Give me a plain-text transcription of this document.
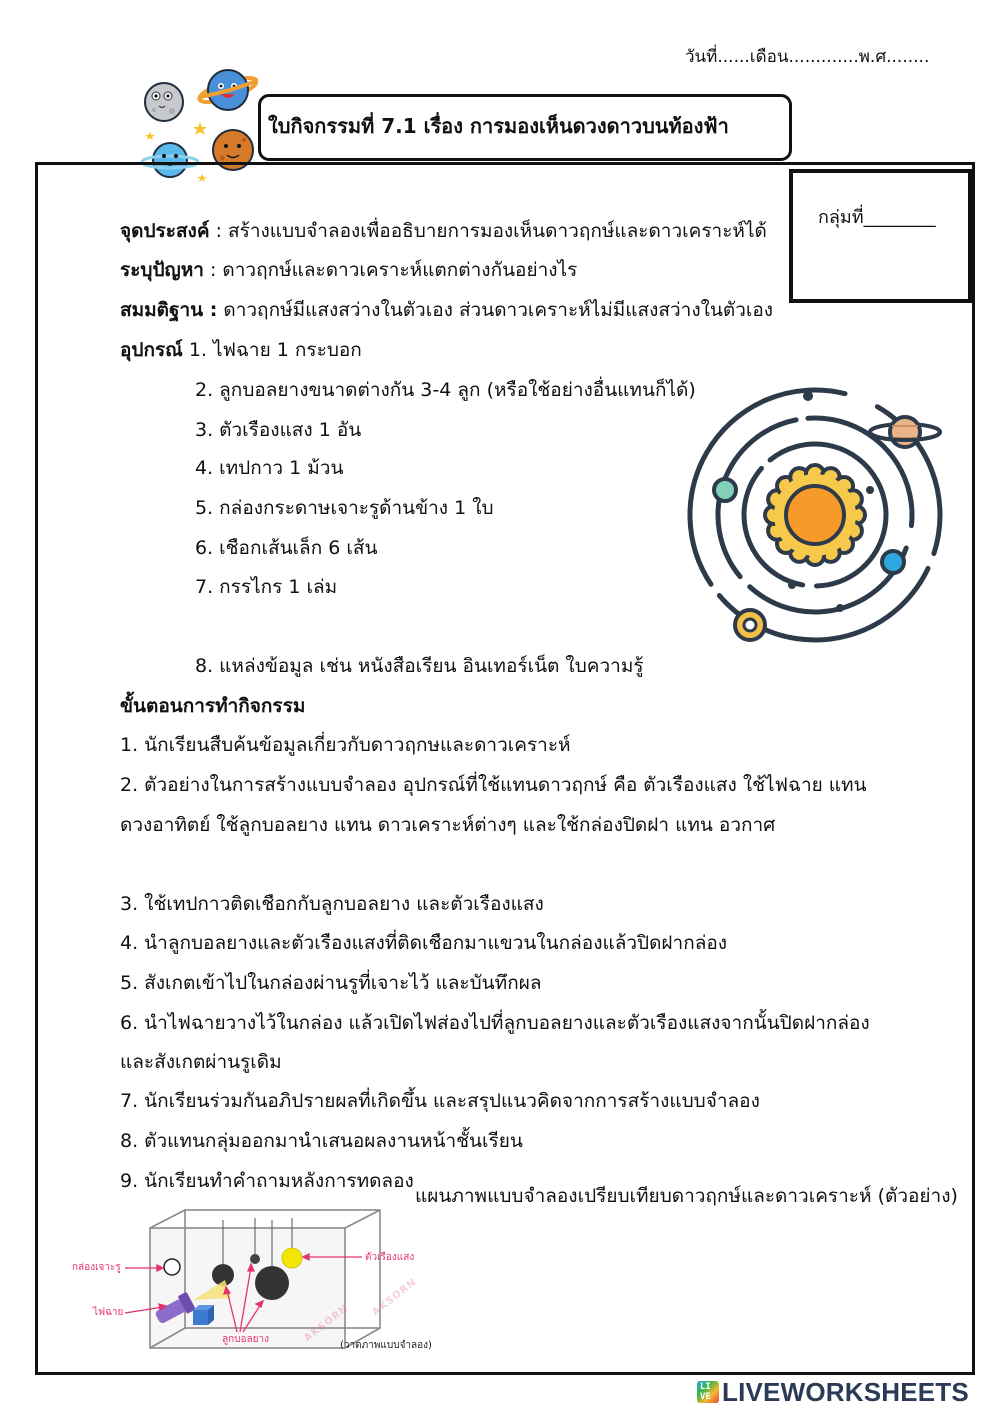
วันที่......เดือน.............พ.ศ........
ใบกิจกรรมที่ 7.1 เรื่อง การมองเห็นดวงดาวบนท้องฟ้า
กลุ่มที่________
จุดประสงค์ : สร้างแบบจำลองเพื่ออธิบายการมองเห็นดาวฤกษ์และดาวเคราะห์ได้
ระบุปัญหา : ดาวฤกษ์และดาวเคราะห์แตกต่างกันอย่างไร
สมมติฐาน : ดาวฤกษ์มีแสงสว่างในตัวเอง ส่วนดาวเคราะห์ไม่มีแสงสว่างในตัวเอง
อุปกรณ์ 1. ไฟฉาย 1 กระบอก
2. ลูกบอลยางขนาดต่างกัน 3-4 ลูก (หรือใช้อย่างอื่นแทนก็ได้)
3. ตัวเรืองแสง 1 อัน
4. เทปกาว 1 ม้วน
5. กล่องกระดาษเจาะรูด้านข้าง 1 ใบ
6. เชือกเส้นเล็ก 6 เส้น
7. กรรไกร 1 เล่ม
8. แหล่งข้อมูล เช่น หนังสือเรียน อินเทอร์เน็ต ใบความรู้
ขั้นตอนการทำกิจกรรม
1. นักเรียนสืบค้นข้อมูลเกี่ยวกับดาวฤกษและดาวเคราะห์
2. ตัวอย่างในการสร้างแบบจำลอง อุปกรณ์ที่ใช้แทนดาวฤกษ์ คือ ตัวเรืองแสง ใช้ไฟฉาย แทน
ดวงอาทิตย์ ใช้ลูกบอลยาง แทน ดาวเคราะห์ต่างๆ และใช้กล่องปิดฝา แทน อวกาศ
3. ใช้เทปกาวติดเชือกกับลูกบอลยาง และตัวเรืองแสง
4. นำลูกบอลยางและตัวเรืองแสงที่ติดเชือกมาแขวนในกล่องแล้วปิดฝากล่อง
5. สังเกตเข้าไปในกล่องผ่านรูที่เจาะไว้ และบันทึกผล
6. นำไฟฉายวางไว้ในกล่อง แล้วเปิดไฟส่องไปที่ลูกบอลยางและตัวเรืองแสงจากนั้นปิดฝากล่อง
และสังเกตผ่านรูเดิม
7. นักเรียนร่วมกันอภิปรายผลที่เกิดขึ้น และสรุปแนวคิดจากการสร้างแบบจำลอง
8. ตัวแทนกลุ่มออกมานำเสนอผลงานหน้าชั้นเรียน
9. นักเรียนทำคำถามหลังการทดลอง
แผนภาพแบบจำลองเปรียบเทียบดาวฤกษ์และดาวเคราะห์ (ตัวอย่าง)
กล่องเจาะรู
ไฟฉาย
ลูกบอลยาง
ตัวเรืองแสง
(วาดภาพแบบจำลอง)
AKSORN
AKSORN
LIVE LIVEWORKSHEETS
